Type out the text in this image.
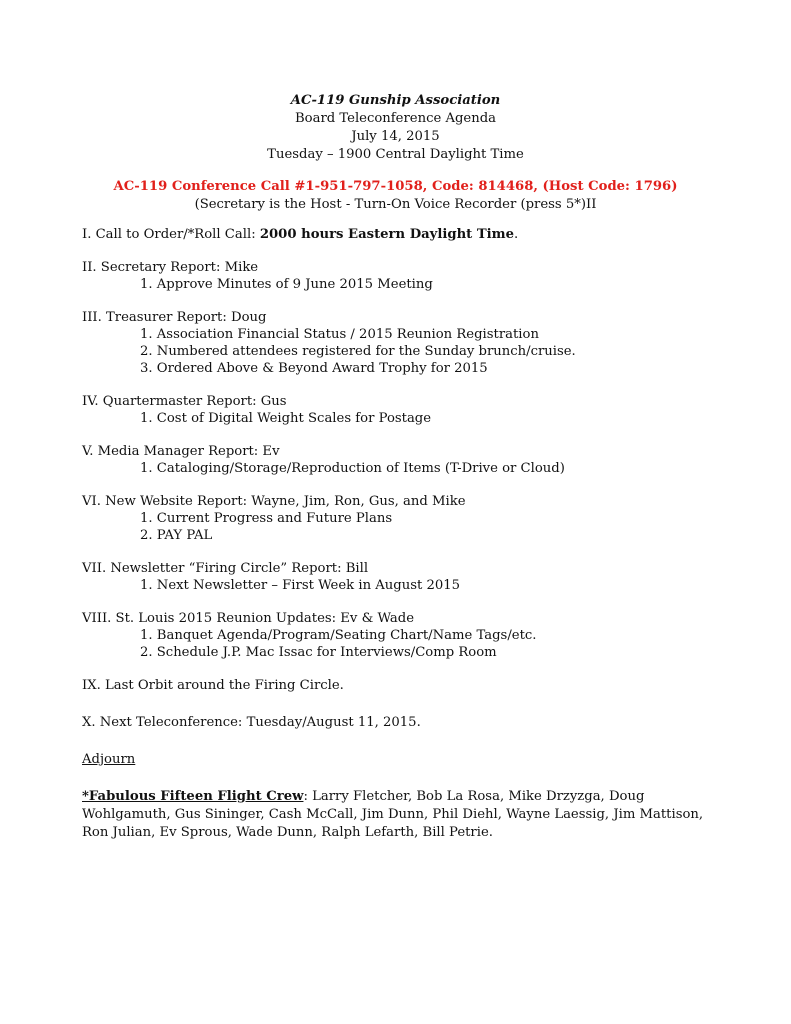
AC-119 Gunship Association
Board Teleconference Agenda
July 14, 2015
Tuesday – 1900 Central Daylight Time
AC-119 Conference Call #1-951-797-1058, Code: 814468, (Host Code: 1796)
(Secretary is the Host - Turn-On Voice Recorder (press 5*)II
I. Call to Order/*Roll Call: 2000 hours Eastern Daylight Time.
II. Secretary Report: Mike
1. Approve Minutes of 9 June 2015 Meeting
III. Treasurer Report: Doug
1. Association Financial Status / 2015 Reunion Registration
2. Numbered attendees registered for the Sunday brunch/cruise.
3. Ordered Above & Beyond Award Trophy for 2015
IV. Quartermaster Report: Gus
1. Cost of Digital Weight Scales for Postage
V. Media Manager Report: Ev
1. Cataloging/Storage/Reproduction of Items (T-Drive or Cloud)
VI. New Website Report: Wayne, Jim, Ron, Gus, and Mike
1. Current Progress and Future Plans
2. PAY PAL
VII. Newsletter “Firing Circle” Report: Bill
1. Next Newsletter – First Week in August 2015
VIII. St. Louis 2015 Reunion Updates: Ev & Wade
1. Banquet Agenda/Program/Seating Chart/Name Tags/etc.
2. Schedule J.P. Mac Issac for Interviews/Comp Room
IX. Last Orbit around the Firing Circle.
X. Next Teleconference: Tuesday/August 11, 2015.
Adjourn
*Fabulous Fifteen Flight Crew: Larry Fletcher, Bob La Rosa, Mike Drzyzga, Doug Wohlgamuth, Gus Sininger, Cash McCall, Jim Dunn, Phil Diehl, Wayne Laessig, Jim Mattison, Ron Julian, Ev Sprous, Wade Dunn, Ralph Lefarth, Bill Petrie.
